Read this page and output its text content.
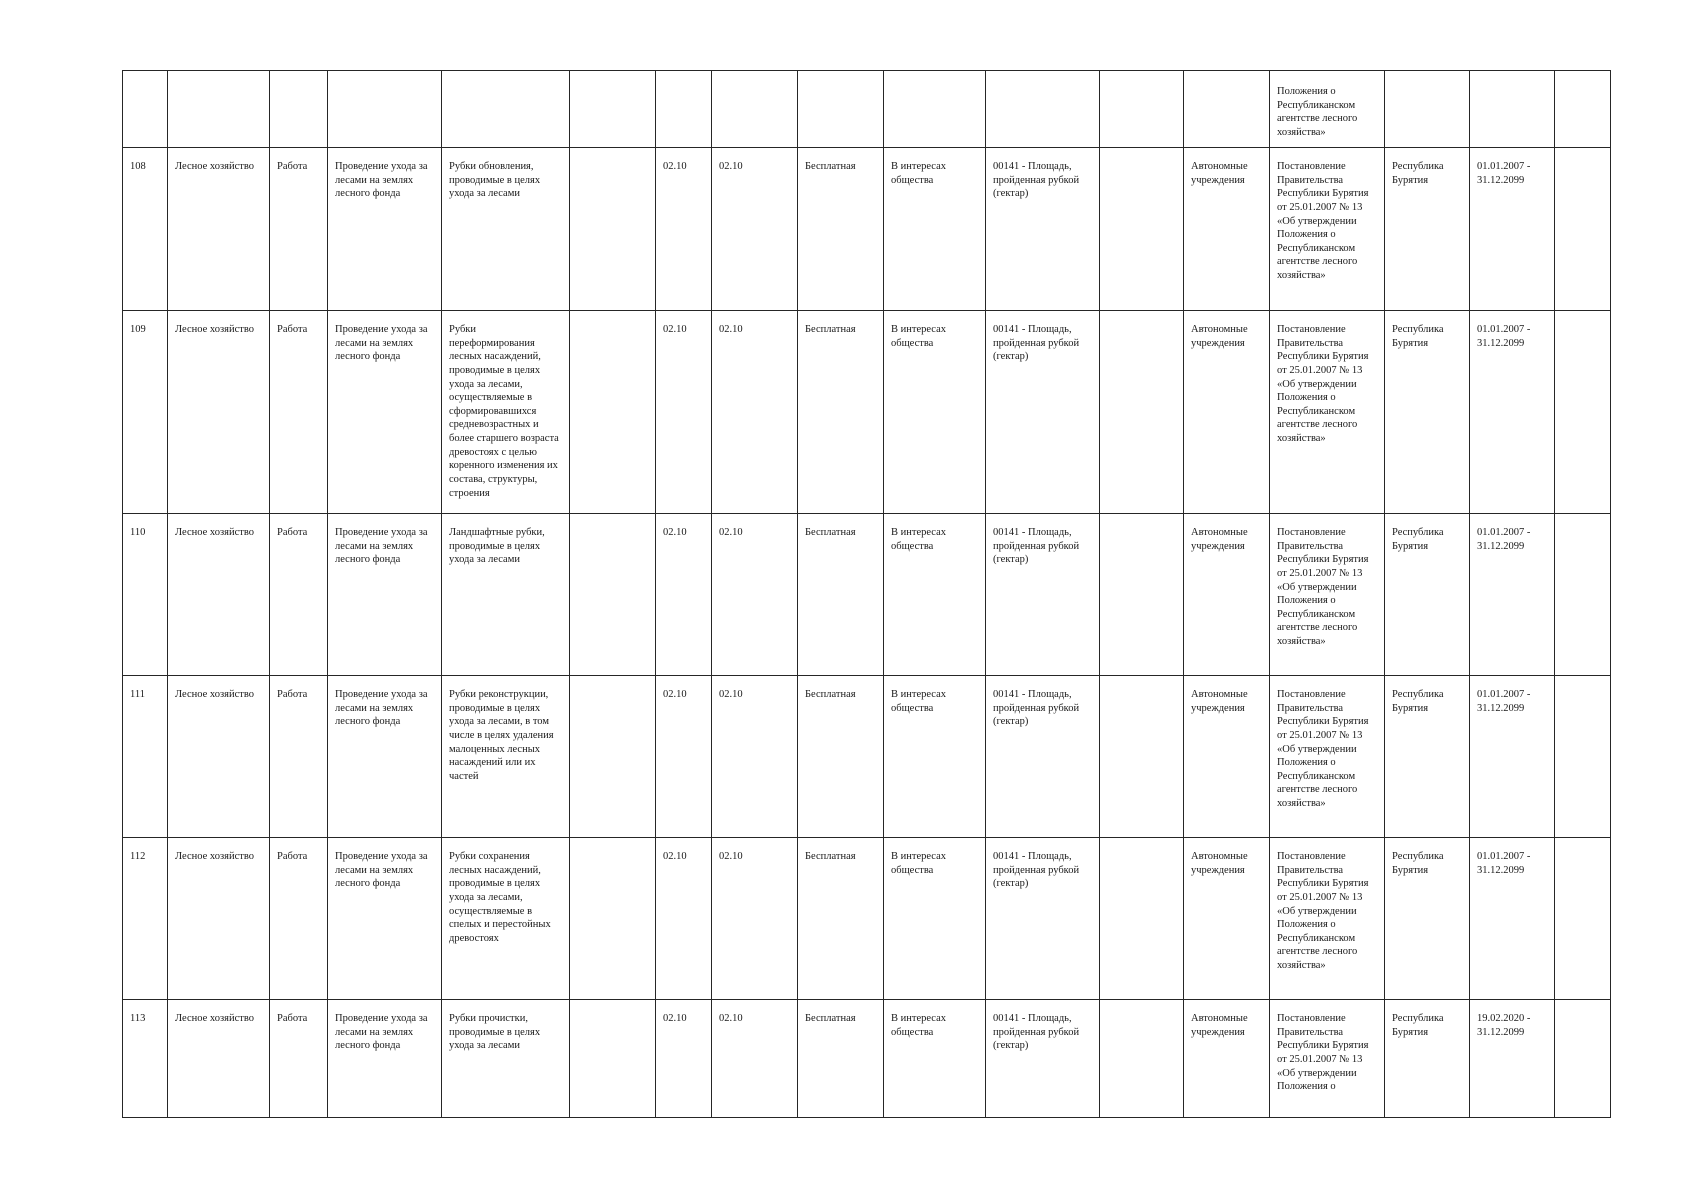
													Положения о Республиканском агентстве лесного хозяйства»			
108	Лесное хозяйство	Работа	Проведение ухода за лесами на землях лесного фонда	Рубки обновления, проводимые в целях ухода за лесами		02.10	02.10	Бесплатная	В интересах общества	00141 - Площадь, пройденная рубкой (гектар)		Автономные учреждения	Постановление Правительства Республики Бурятия от 25.01.2007 № 13 «Об утверждении Положения о Республиканском агентстве лесного хозяйства»	Республика Бурятия	01.01.2007 - 31.12.2099	
109	Лесное хозяйство	Работа	Проведение ухода за лесами на землях лесного фонда	Рубки переформирования лесных насаждений, проводимые в целях ухода за лесами, осуществляемые в сформировавшихся средневозрастных и более старшего возраста древостоях с целью коренного изменения их состава, структуры, строения		02.10	02.10	Бесплатная	В интересах общества	00141 - Площадь, пройденная рубкой (гектар)		Автономные учреждения	Постановление Правительства Республики Бурятия от 25.01.2007 № 13 «Об утверждении Положения о Республиканском агентстве лесного хозяйства»	Республика Бурятия	01.01.2007 - 31.12.2099	
110	Лесное хозяйство	Работа	Проведение ухода за лесами на землях лесного фонда	Ландшафтные рубки, проводимые в целях ухода за лесами		02.10	02.10	Бесплатная	В интересах общества	00141 - Площадь, пройденная рубкой (гектар)		Автономные учреждения	Постановление Правительства Республики Бурятия от 25.01.2007 № 13 «Об утверждении Положения о Республиканском агентстве лесного хозяйства»	Республика Бурятия	01.01.2007 - 31.12.2099	
111	Лесное хозяйство	Работа	Проведение ухода за лесами на землях лесного фонда	Рубки реконструкции, проводимые в целях ухода за лесами, в том числе в целях удаления малоценных лесных насаждений или их частей		02.10	02.10	Бесплатная	В интересах общества	00141 - Площадь, пройденная рубкой (гектар)		Автономные учреждения	Постановление Правительства Республики Бурятия от 25.01.2007 № 13 «Об утверждении Положения о Республиканском агентстве лесного хозяйства»	Республика Бурятия	01.01.2007 - 31.12.2099	
112	Лесное хозяйство	Работа	Проведение ухода за лесами на землях лесного фонда	Рубки сохранения лесных насаждений, проводимые в целях ухода за лесами, осуществляемые в спелых и перестойных древостоях		02.10	02.10	Бесплатная	В интересах общества	00141 - Площадь, пройденная рубкой (гектар)		Автономные учреждения	Постановление Правительства Республики Бурятия от 25.01.2007 № 13 «Об утверждении Положения о Республиканском агентстве лесного хозяйства»	Республика Бурятия	01.01.2007 - 31.12.2099	
113	Лесное хозяйство	Работа	Проведение ухода за лесами на землях лесного фонда	Рубки прочистки, проводимые в целях ухода за лесами		02.10	02.10	Бесплатная	В интересах общества	00141 - Площадь, пройденная рубкой (гектар)		Автономные учреждения	Постановление Правительства Республики Бурятия от 25.01.2007 № 13 «Об утверждении Положения о	Республика Бурятия	19.02.2020 - 31.12.2099	
